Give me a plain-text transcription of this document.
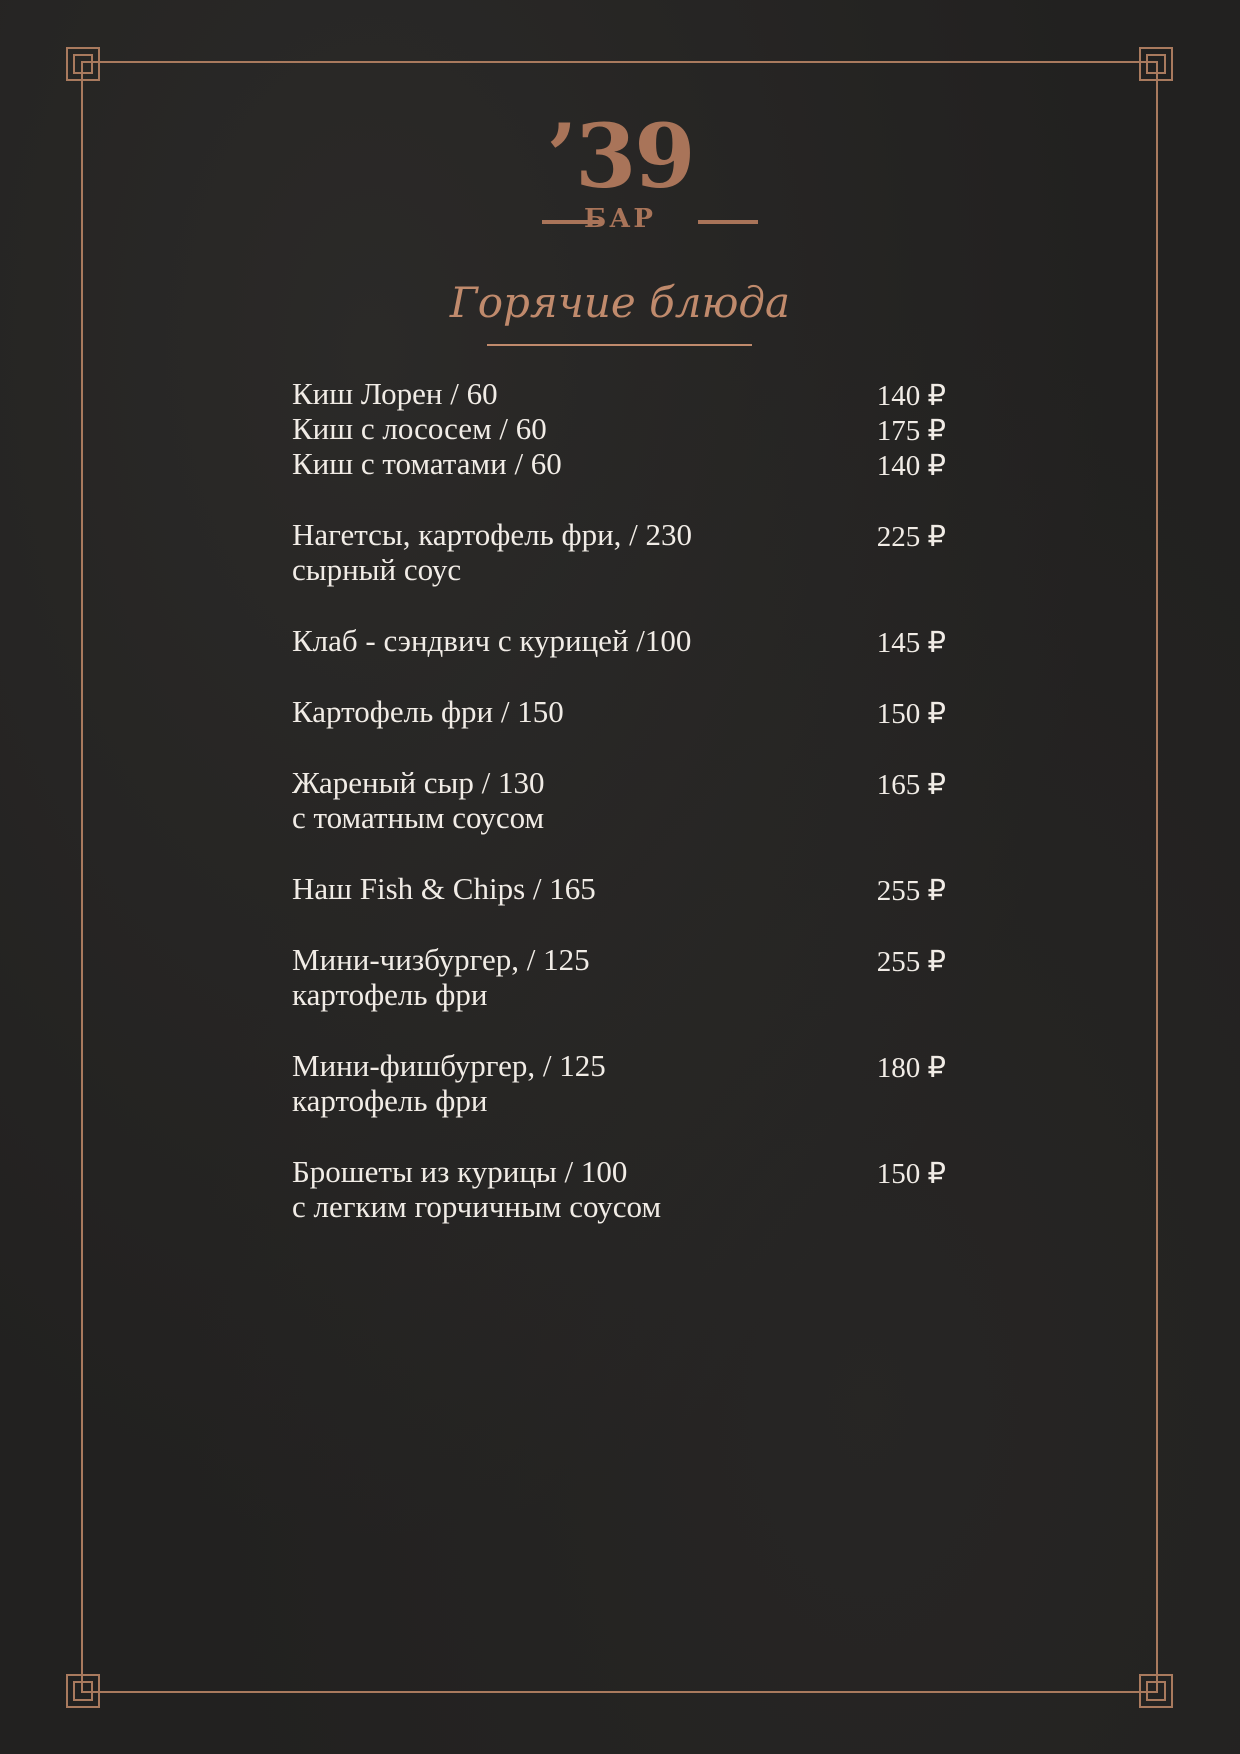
’39
БАР
Горячие блюда
Киш Лорен / 60	140 ₽
Киш с лососем / 60	175 ₽
Киш с томатами / 60	140 ₽
Нагетсы, картофель фри, / 230
сырный соус
225 ₽
Клаб - сэндвич с курицей /100	145 ₽
Картофель фри / 150	150 ₽
Жареный сыр / 130
с томатным соусом
165 ₽
Наш Fish & Chips / 165	255 ₽
Мини-чизбургер, / 125
картофель фри
255 ₽
Мини-фишбургер, / 125
картофель фри
180 ₽
Брошеты из курицы / 100
с легким горчичным соусом
150 ₽
